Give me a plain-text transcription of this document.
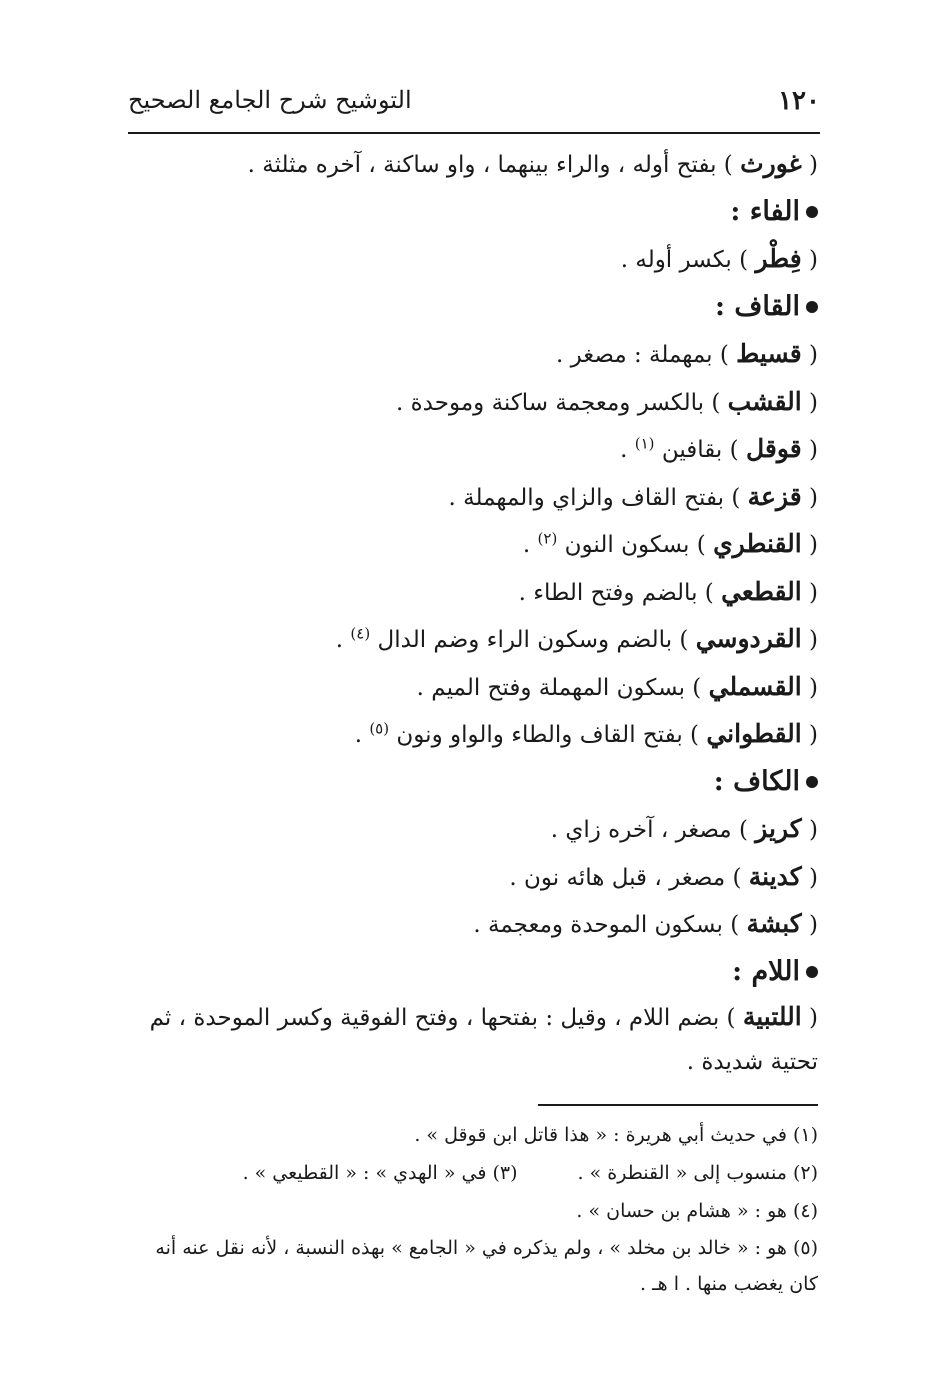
١٢٠
التوشيح شرح الجامع الصحيح
( غورث ) بفتح أوله ، والراء بينهما ، واو ساكنة ، آخره مثلثة .
الفاء :
( فِطْر ) بكسر أوله .
القاف :
( قسيط ) بمهملة : مصغر .
( القشب ) بالكسر ومعجمة ساكنة وموحدة .
( قوقل ) بقافين $^{(١)}$ .
( قزعة ) بفتح القاف والزاي والمهملة .
( القنطري ) بسكون النون $^{(٢)}$ .
( القطعي ) بالضم وفتح الطاء .
( القردوسي ) بالضم وسكون الراء وضم الدال $^{(٤)}$ .
( القسملي ) بسكون المهملة وفتح الميم .
( القطواني ) بفتح القاف والطاء والواو ونون $^{(٥)}$ .
الكاف :
( كريز ) مصغر ، آخره زاي .
( كدينة ) مصغر ، قبل هائه نون .
( كبشة ) بسكون الموحدة ومعجمة .
اللام :
( اللتبية ) بضم اللام ، وقيل : بفتحها ، وفتح الفوقية وكسر الموحدة ، ثم تحتية شديدة .
(١) في حديث أبي هريرة : « هذا قاتل ابن قوقل » .
(٢) منسوب إلى « القنطرة » .(٣) في « الهدي » : « القطيعي » .
(٤) هو : « هشام بن حسان » .
(٥) هو : « خالد بن مخلد » ، ولم يذكره في « الجامع » بهذه النسبة ، لأنه نقل عنه أنه كان يغضب منها . ا هـ .
